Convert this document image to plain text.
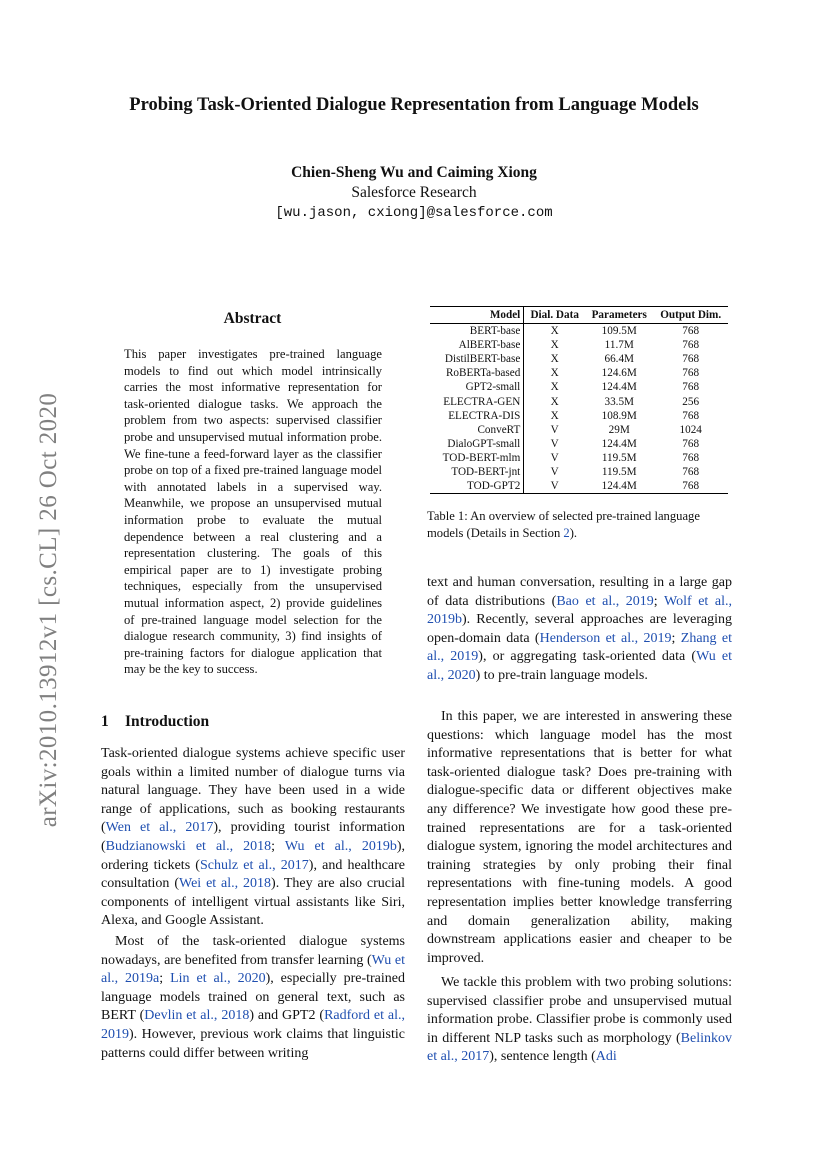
arXiv:2010.13912v1 [cs.CL] 26 Oct 2020
Probing Task-Oriented Dialogue Representation from Language Models
Chien-Sheng Wu and Caiming Xiong
Salesforce Research
[wu.jason, cxiong]@salesforce.com
Abstract
This paper investigates pre-trained language models to find out which model intrinsically carries the most informative representation for task-oriented dialogue tasks. We approach the problem from two aspects: supervised classifier probe and unsupervised mutual information probe. We fine-tune a feed-forward layer as the classifier probe on top of a fixed pre-trained language model with annotated labels in a supervised way. Meanwhile, we propose an unsupervised mutual information probe to evaluate the mutual dependence between a real clustering and a representation clustering. The goals of this empirical paper are to 1) investigate probing techniques, especially from the unsupervised mutual information aspect, 2) provide guidelines of pre-trained language model selection for the dialogue research community, 3) find insights of pre-training factors for dialogue application that may be the key to success.
1 Introduction
Task-oriented dialogue systems achieve specific user goals within a limited number of dialogue turns via natural language. They have been used in a wide range of applications, such as booking restaurants (Wen et al., 2017), providing tourist information (Budzianowski et al., 2018; Wu et al., 2019b), ordering tickets (Schulz et al., 2017), and healthcare consultation (Wei et al., 2018). They are also crucial components of intelligent virtual assistants like Siri, Alexa, and Google Assistant.
Most of the task-oriented dialogue systems nowadays, are benefited from transfer learning (Wu et al., 2019a; Lin et al., 2020), especially pre-trained language models trained on general text, such as BERT (Devlin et al., 2018) and GPT2 (Radford et al., 2019). However, previous work claims that linguistic patterns could differ between writing
Model	Dial. Data	Parameters	Output Dim.
BERT-base	X	109.5M	768
AlBERT-base	X	11.7M	768
DistilBERT-base	X	66.4M	768
RoBERTa-based	X	124.6M	768
GPT2-small	X	124.4M	768
ELECTRA-GEN	X	33.5M	256
ELECTRA-DIS	X	108.9M	768
ConveRT	V	29M	1024
DialoGPT-small	V	124.4M	768
TOD-BERT-mlm	V	119.5M	768
TOD-BERT-jnt	V	119.5M	768
TOD-GPT2	V	124.4M	768
Table 1: An overview of selected pre-trained language models (Details in Section 2).
text and human conversation, resulting in a large gap of data distributions (Bao et al., 2019; Wolf et al., 2019b). Recently, several approaches are leveraging open-domain data (Henderson et al., 2019; Zhang et al., 2019), or aggregating task-oriented data (Wu et al., 2020) to pre-train language models.
In this paper, we are interested in answering these questions: which language model has the most informative representations that is better for what task-oriented dialogue task? Does pre-training with dialogue-specific data or different objectives make any difference? We investigate how good these pre-trained representations are for a task-oriented dialogue system, ignoring the model architectures and training strategies by only probing their final representations with fine-tuning models. A good representation implies better knowledge transferring and domain generalization ability, making downstream applications easier and cheaper to be improved.
We tackle this problem with two probing solutions: supervised classifier probe and unsupervised mutual information probe. Classifier probe is commonly used in different NLP tasks such as morphology (Belinkov et al., 2017), sentence length (Adi
